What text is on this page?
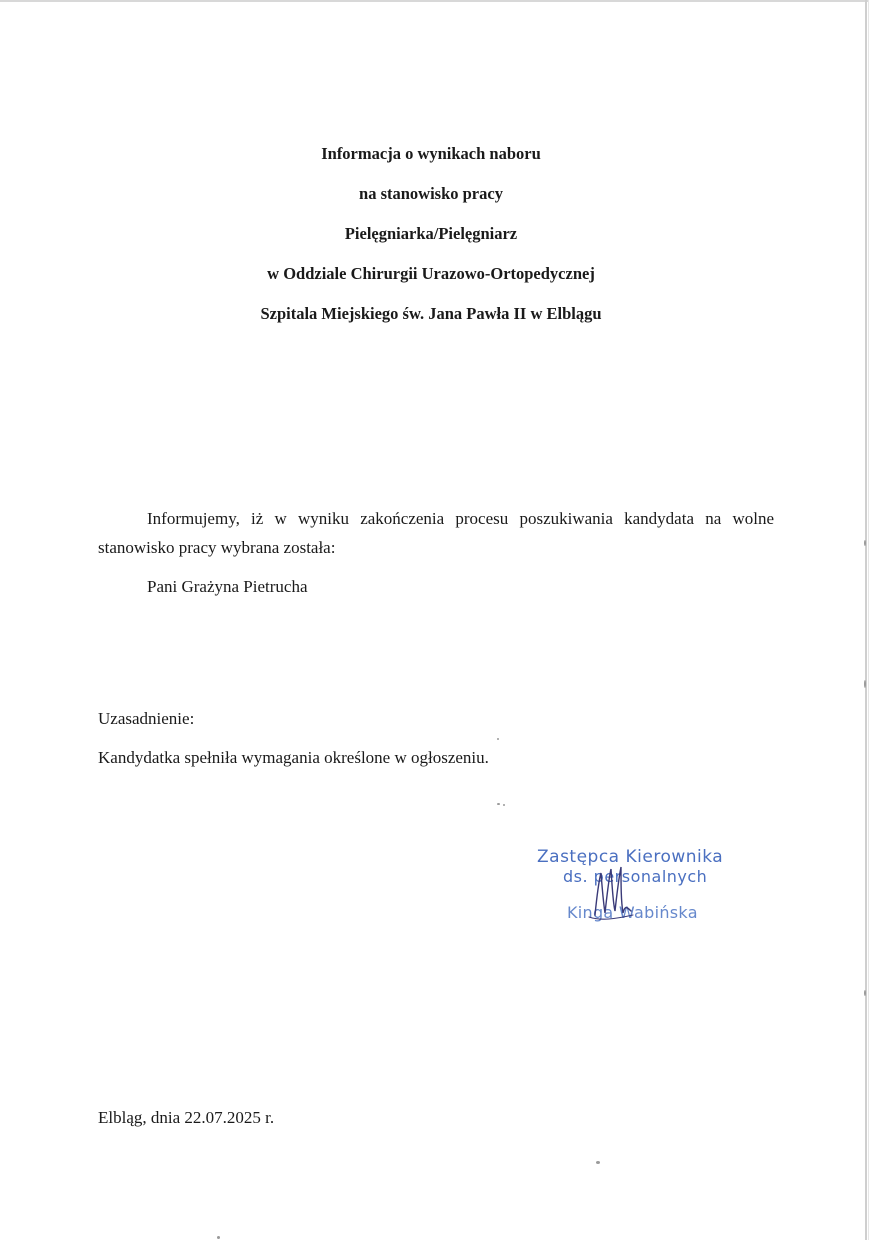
Informacja o wynikach naboru
na stanowisko pracy
Pielęgniarka/Pielęgniarz
w Oddziale Chirurgii Urazowo-Ortopedycznej
Szpitala Miejskiego św. Jana Pawła II w Elblągu
Informujemy, iż w wyniku zakończenia procesu poszukiwania kandydata na wolne stanowisko pracy wybrana została:
Pani Grażyna Pietrucha
Uzasadnienie:
Kandydatka spełniła wymagania określone w ogłoszeniu.
Zastępca Kierownika
ds. personalnych
Kinga Wabińska
Elbląg, dnia 22.07.2025 r.
